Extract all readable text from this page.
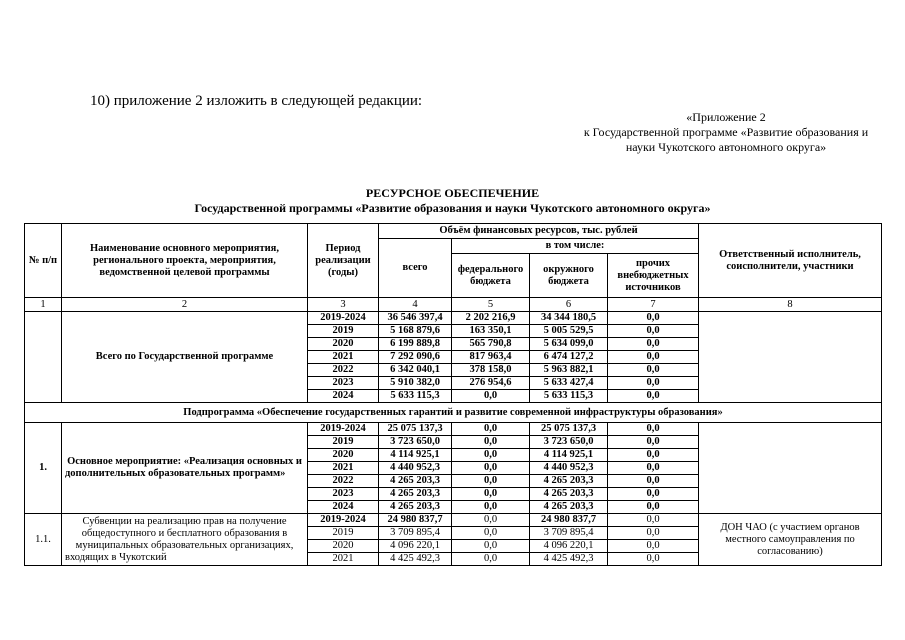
10) приложение 2 изложить в следующей редакции:
«Приложение 2
к Государственной программе «Развитие образования и
науки Чукотского автономного округа»
РЕСУРСНОЕ ОБЕСПЕЧЕНИЕ
Государственной программы «Развитие образования и науки Чукотского автономного округа»
№ п/п	Наименование основного мероприятия, регионального проекта, мероприятия, ведомственной целевой программы	Период реализации (годы)	Объём финансовых ресурсов, тыс. рублей				Ответственный исполнитель, соисполнители, участники
			всего	в том числе:			
				федерального бюджета	окружного бюджета	прочих внебюджетных источников	
1	2	3	4	5	6	7	8
	Всего по Государственной программе	2019-2024	36 546 397,4	2 202 216,9	34 344 180,5	0,0	
		2019	5 168 879,6	163 350,1	5 005 529,5	0,0	
		2020	6 199 889,8	565 790,8	5 634 099,0	0,0	
		2021	7 292 090,6	817 963,4	6 474 127,2	0,0	
		2022	6 342 040,1	378 158,0	5 963 882,1	0,0	
		2023	5 910 382,0	276 954,6	5 633 427,4	0,0	
		2024	5 633 115,3	0,0	5 633 115,3	0,0	
Подпрограмма «Обеспечение государственных гарантий и развитие современной инфраструктуры образования»							
1.	Основное мероприятие: «Реализация основных и дополнительных образовательных программ»	2019-2024	25 075 137,3	0,0	25 075 137,3	0,0	
		2019	3 723 650,0	0,0	3 723 650,0	0,0	
		2020	4 114 925,1	0,0	4 114 925,1	0,0	
		2021	4 440 952,3	0,0	4 440 952,3	0,0	
		2022	4 265 203,3	0,0	4 265 203,3	0,0	
		2023	4 265 203,3	0,0	4 265 203,3	0,0	
		2024	4 265 203,3	0,0	4 265 203,3	0,0	
1.1.	Субвенции на реализацию прав на получение общедоступного и бесплатного образования в муниципальных образовательных организациях, входящих в Чукотский	2019-2024	24 980 837,7	0,0	24 980 837,7	0,0	ДОН ЧАО (с участием органов местного самоуправления по согласованию)
		2019	3 709 895,4	0,0	3 709 895,4	0,0	
		2020	4 096 220,1	0,0	4 096 220,1	0,0	
		2021	4 425 492,3	0,0	4 425 492,3	0,0	
